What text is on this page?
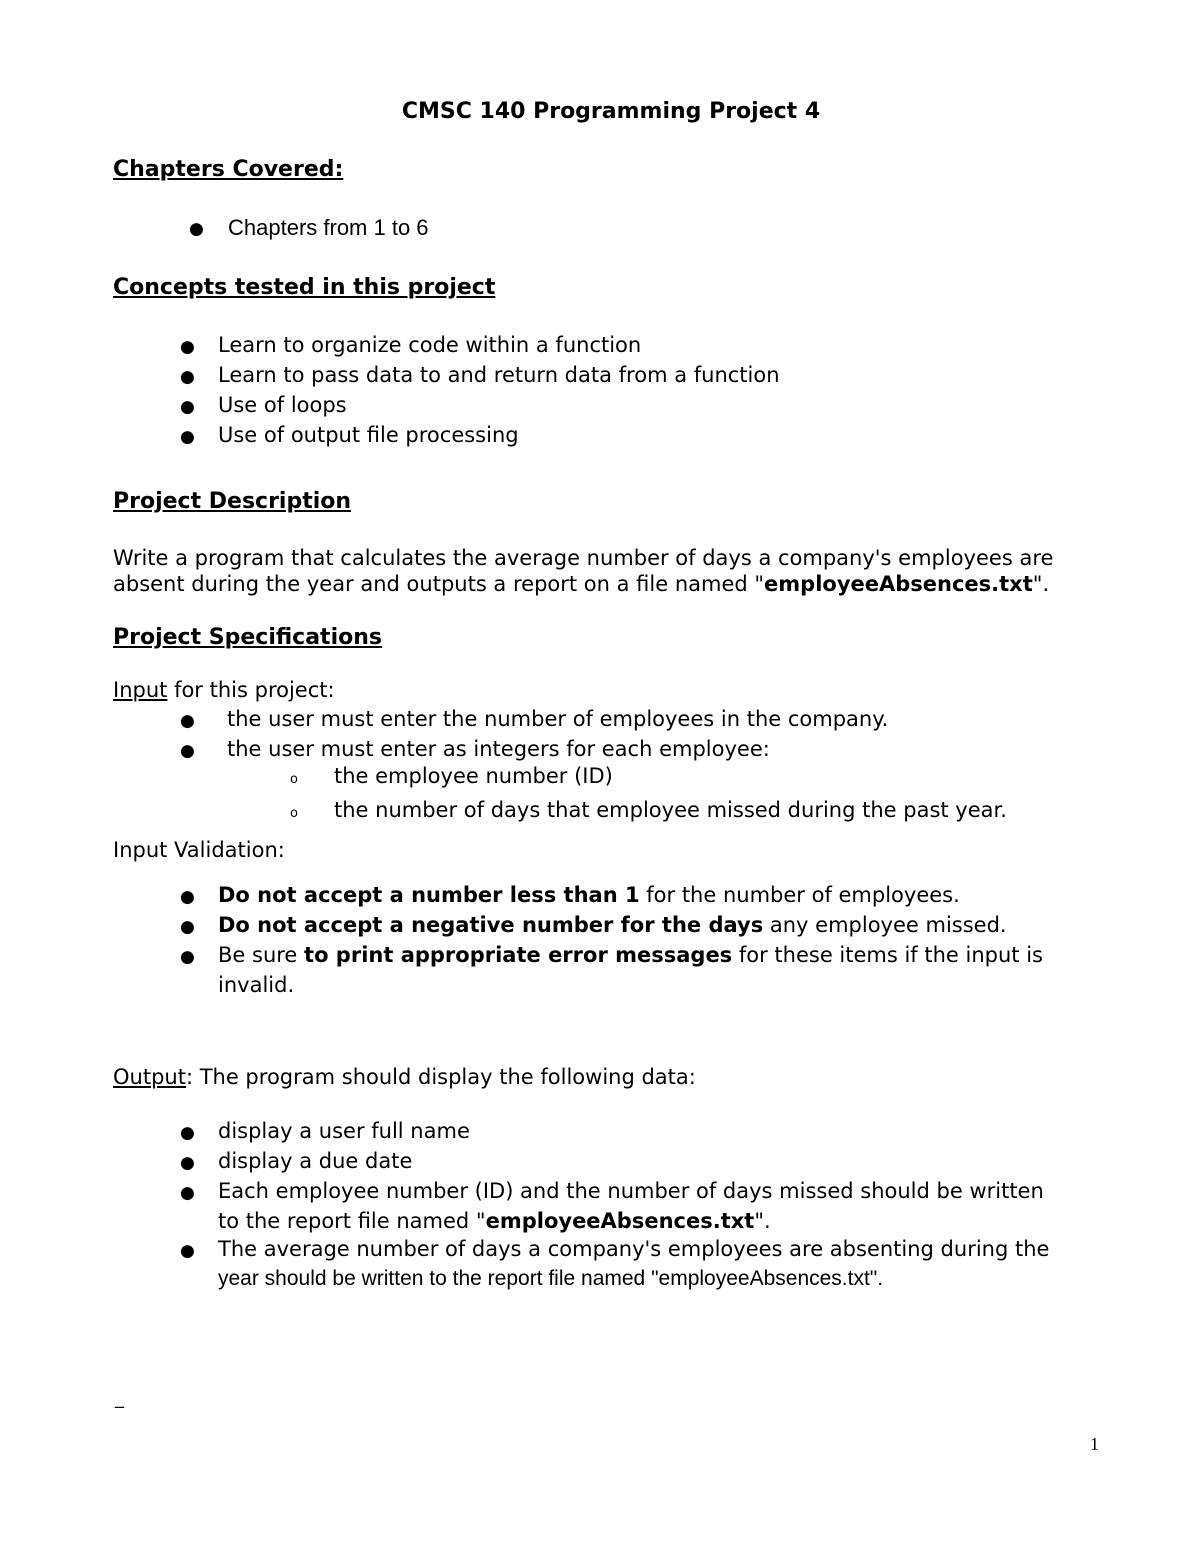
CMSC 140 Programming Project 4
Chapters Covered:
● Chapters from 1 to 6
Concepts tested in this project
● Learn to organize code within a function
● Learn to pass data to and return data from a function
● Use of loops
● Use of output file processing
Project Description
Write a program that calculates the average number of days a company's employees are
absent during the year and outputs a report on a file named "employeeAbsences.txt".
Project Specifications
Input for this project:
● the user must enter the number of employees in the company.
● the user must enter as integers for each employee:
o the employee number (ID)
o the number of days that employee missed during the past year.
Input Validation:
● Do not accept a number less than 1 for the number of employees.
● Do not accept a negative number for the days any employee missed.
● Be sure to print appropriate error messages for these items if the input is
invalid.

Output: The program should display the following data:
● display a user full name
● display a due date
● Each employee number (ID) and the number of days missed should be written
to the report file named "employeeAbsences.txt".

● The average number of days a company's employees are absenting during the
year should be written to the report file named "employeeAbsences.txt".

_
1
